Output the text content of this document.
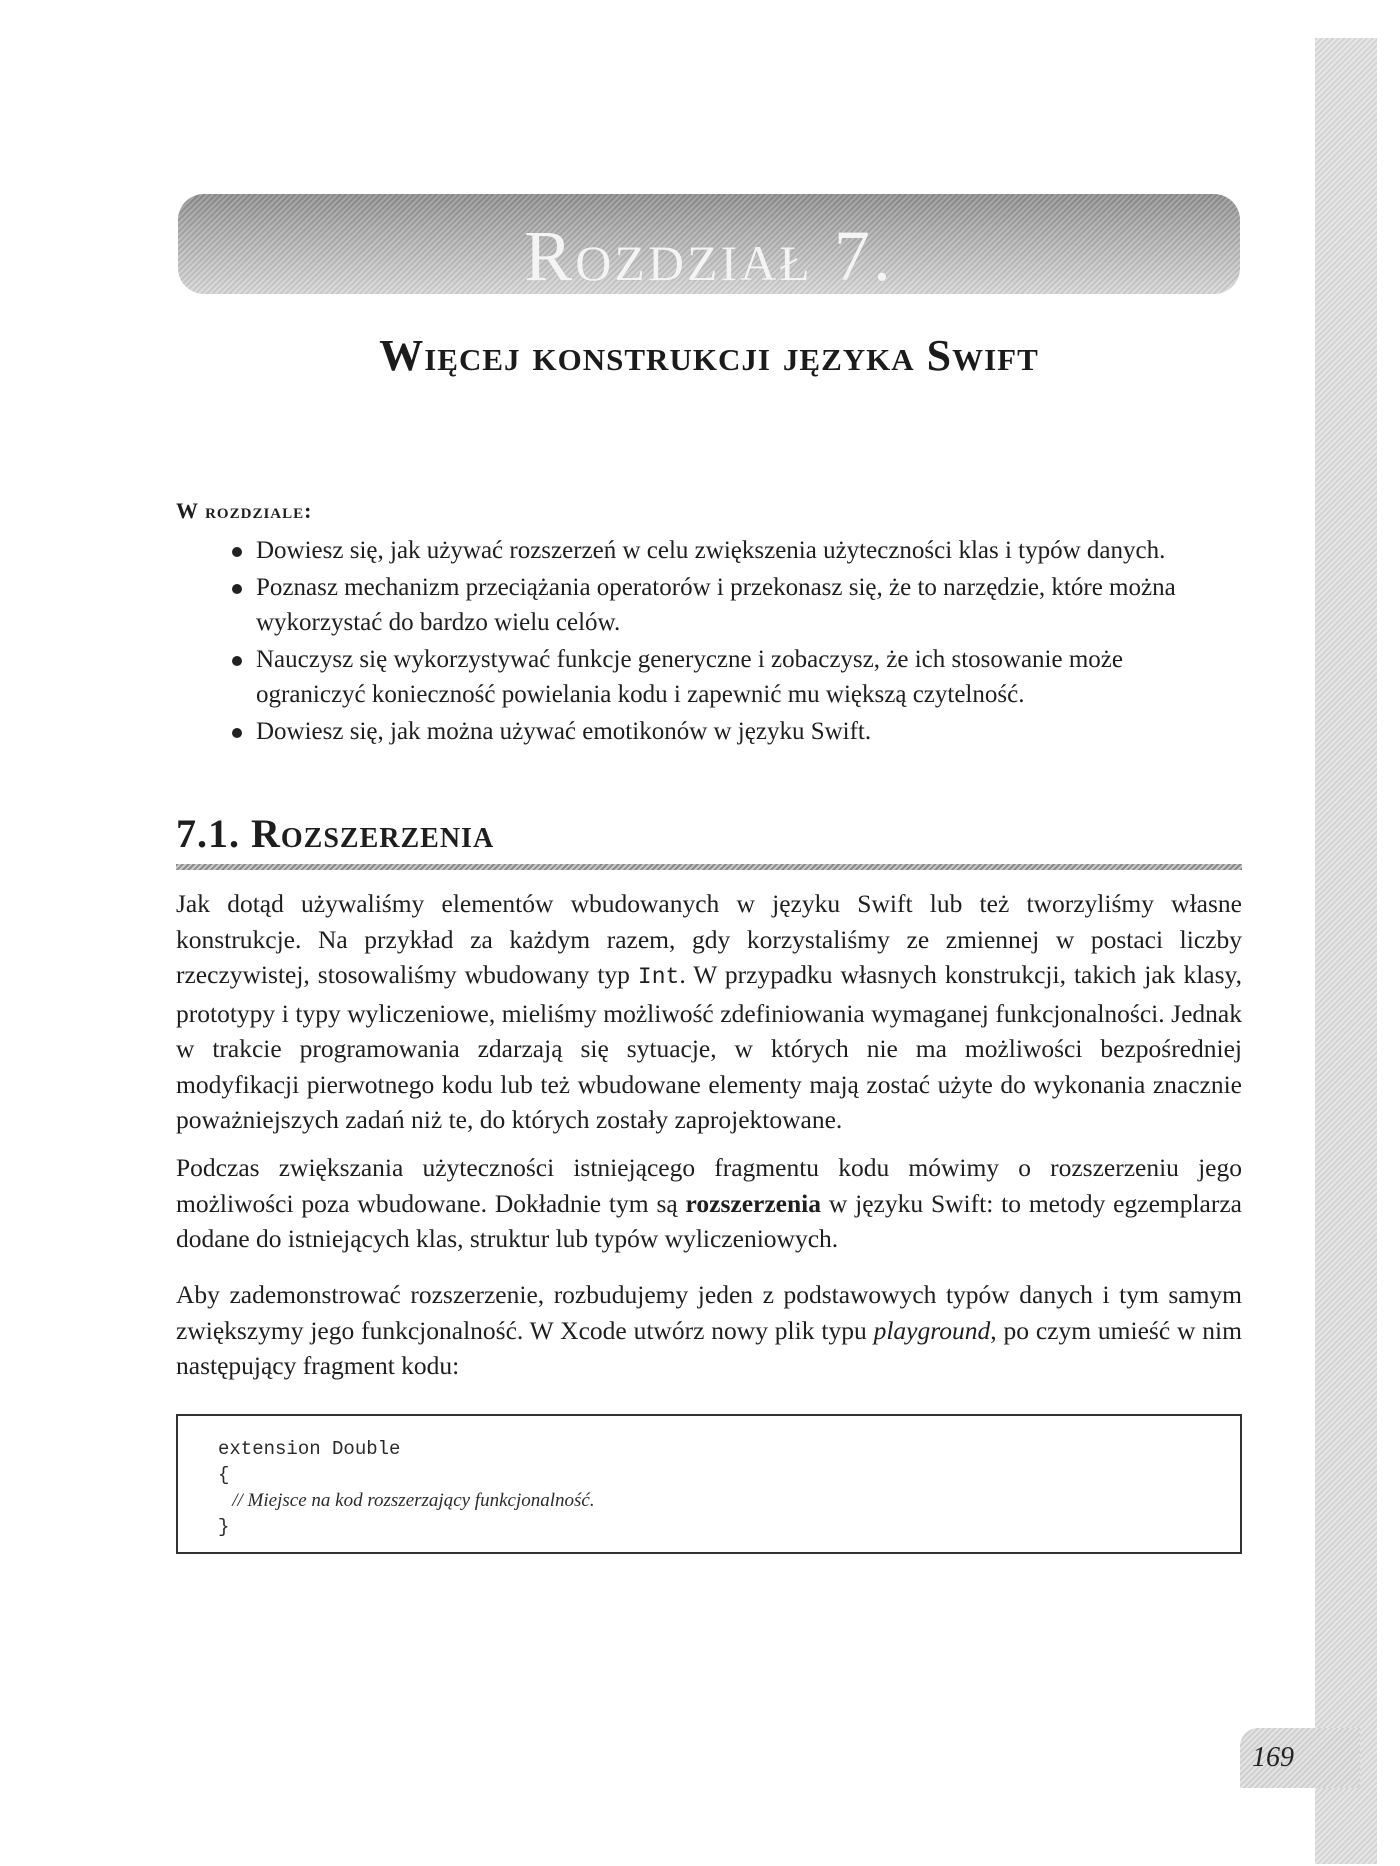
Rozdział 7.
Więcej konstrukcji języka Swift
W rozdziale:
Dowiesz się, jak używać rozszerzeń w celu zwiększenia użyteczności klas i typów danych.
Poznasz mechanizm przeciążania operatorów i przekonasz się, że to narzędzie, które można wykorzystać do bardzo wielu celów.
Nauczysz się wykorzystywać funkcje generyczne i zobaczysz, że ich stosowanie może ograniczyć konieczność powielania kodu i zapewnić mu większą czytelność.
Dowiesz się, jak można używać emotikonów w języku Swift.
7.1. Rozszerzenia

Jak dotąd używaliśmy elementów wbudowanych w języku Swift lub też tworzyliśmy własne konstrukcje. Na przykład za każdym razem, gdy korzystaliśmy ze zmiennej w postaci liczby rzeczywistej, stosowaliśmy wbudowany typ Int. W przypadku własnych konstrukcji, takich jak klasy, prototypy i typy wyliczeniowe, mieliśmy możliwość zdefiniowania wymaganej funkcjonalności. Jednak w trakcie programowania zdarzają się sytuacje, w których nie ma możliwości bezpośredniej modyfikacji pierwotnego kodu lub też wbudowane elementy mają zostać użyte do wykonania znacznie poważniejszych zadań niż te, do których zostały zaprojektowane.

Podczas zwiększania użyteczności istniejącego fragmentu kodu mówimy o rozszerzeniu jego możliwości poza wbudowane. Dokładnie tym są rozszerzenia w języku Swift: to metody egzemplarza dodane do istniejących klas, struktur lub typów wyliczeniowych.

Aby zademonstrować rozszerzenie, rozbudujemy jeden z podstawowych typów danych i tym samym zwiększymy jego funkcjonalność. W Xcode utwórz nowy plik typu playground, po czym umieść w nim następujący fragment kodu:

extension Double
{
// Miejsce na kod rozszerzający funkcjonalność.
}
169
